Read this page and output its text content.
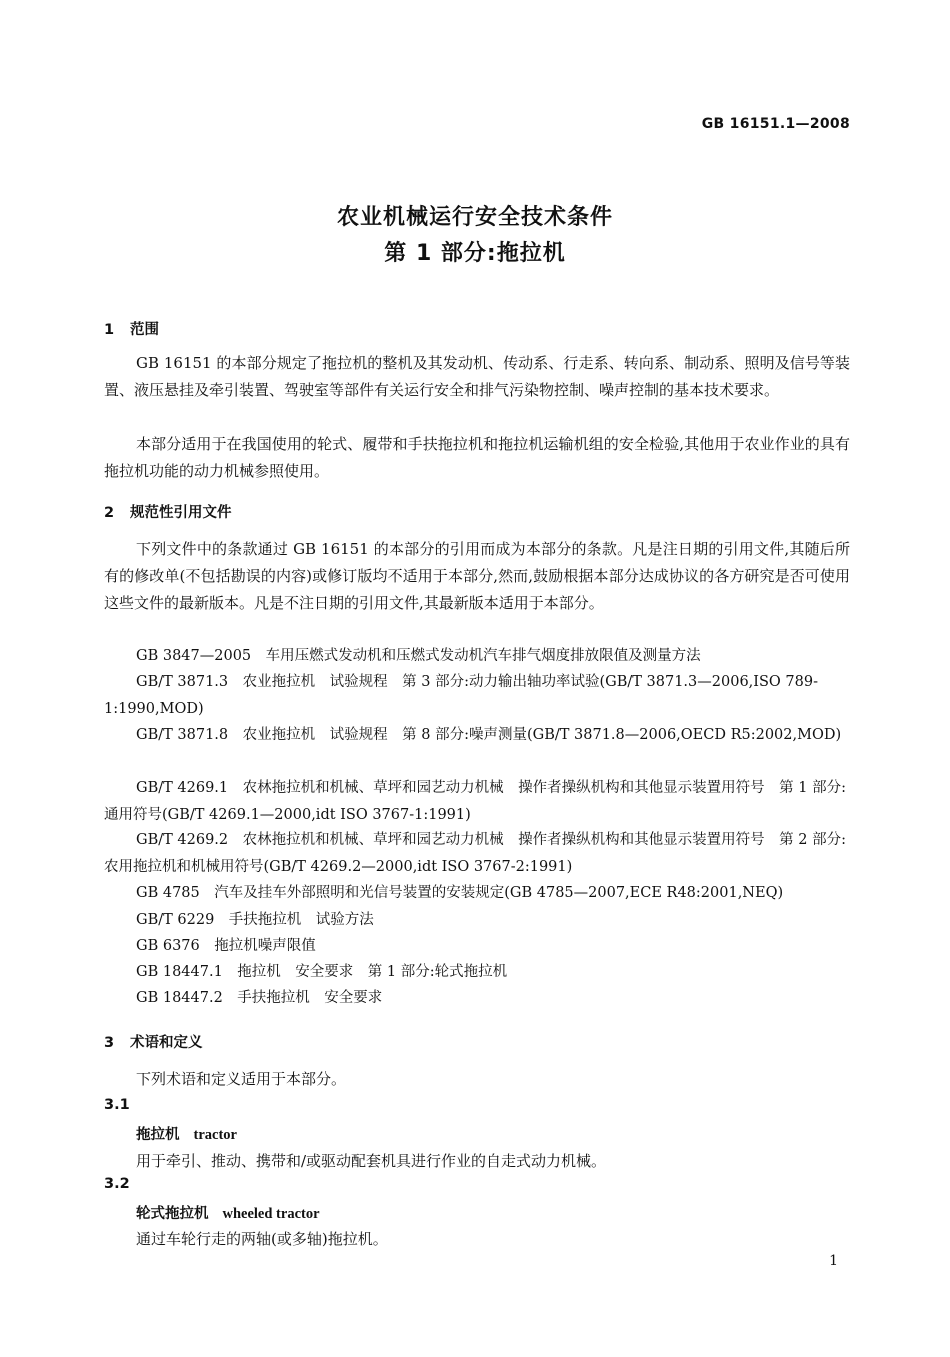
GB 16151.1—2008
农业机械运行安全技术条件
第 1 部分:拖拉机
1 范围
GB 16151 的本部分规定了拖拉机的整机及其发动机、传动系、行走系、转向系、制动系、照明及信号等装置、液压悬挂及牵引装置、驾驶室等部件有关运行安全和排气污染物控制、噪声控制的基本技术要求。
本部分适用于在我国使用的轮式、履带和手扶拖拉机和拖拉机运输机组的安全检验,其他用于农业作业的具有拖拉机功能的动力机械参照使用。
2 规范性引用文件
下列文件中的条款通过 GB 16151 的本部分的引用而成为本部分的条款。凡是注日期的引用文件,其随后所有的修改单(不包括勘误的内容)或修订版均不适用于本部分,然而,鼓励根据本部分达成协议的各方研究是否可使用这些文件的最新版本。凡是不注日期的引用文件,其最新版本适用于本部分。
GB 3847—2005　车用压燃式发动机和压燃式发动机汽车排气烟度排放限值及测量方法
GB/T 3871.3　农业拖拉机　试验规程　第 3 部分:动力输出轴功率试验(GB/T 3871.3—2006,ISO 789-1:1990,MOD)
GB/T 3871.8　农业拖拉机　试验规程　第 8 部分:噪声测量(GB/T 3871.8—2006,OECD R5:2002,MOD)
GB/T 4269.1　农林拖拉机和机械、草坪和园艺动力机械　操作者操纵机构和其他显示装置用符号　第 1 部分:通用符号(GB/T 4269.1—2000,idt ISO 3767-1:1991)
GB/T 4269.2　农林拖拉机和机械、草坪和园艺动力机械　操作者操纵机构和其他显示装置用符号　第 2 部分:农用拖拉机和机械用符号(GB/T 4269.2—2000,idt ISO 3767-2:1991)
GB 4785　汽车及挂车外部照明和光信号装置的安装规定(GB 4785—2007,ECE R48:2001,NEQ)
GB/T 6229　手扶拖拉机　试验方法
GB 6376　拖拉机噪声限值
GB 18447.1　拖拉机　安全要求　第 1 部分:轮式拖拉机
GB 18447.2　手扶拖拉机　安全要求
3 术语和定义
下列术语和定义适用于本部分。
3.1
拖拉机 tractor
用于牵引、推动、携带和/或驱动配套机具进行作业的自走式动力机械。
3.2
轮式拖拉机 wheeled tractor
通过车轮行走的两轴(或多轴)拖拉机。
1
